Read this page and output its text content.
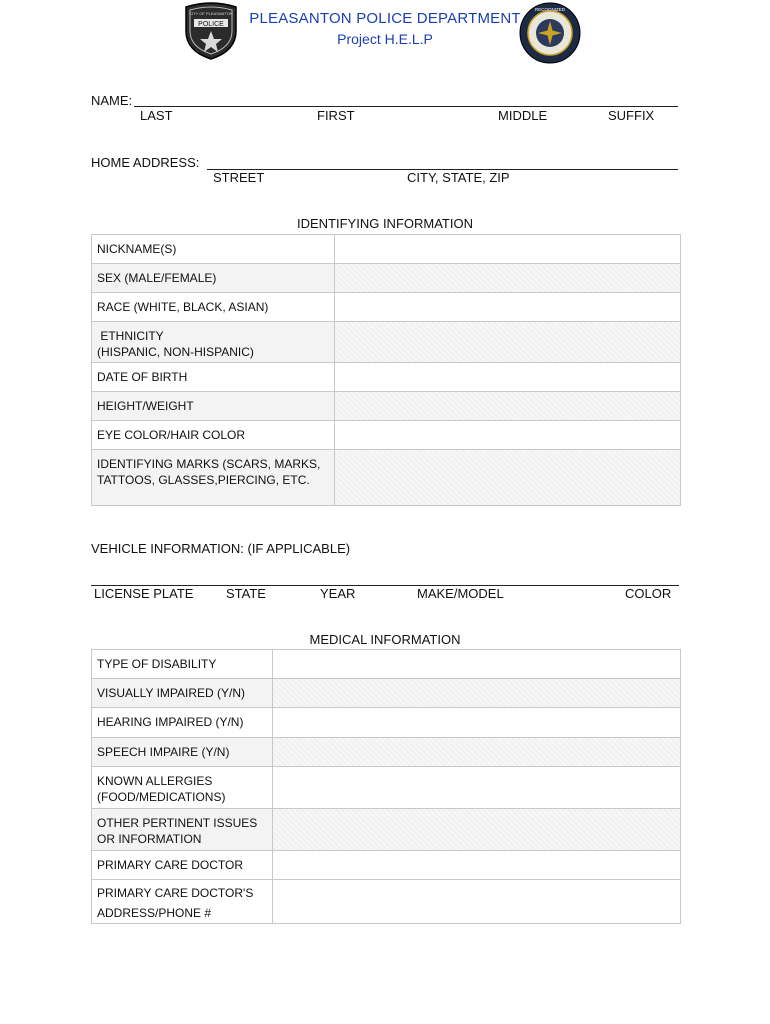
POLICE
CITY OF PLEASANTON	PLEASANTON POLICE DEPARTMENT
Project H.E.L.P
RECOGNIZED
NAME:
LAST	FIRST	MIDDLE	SUFFIX
HOME ADDRESS:
STREET	CITY, STATE, ZIP
IDENTIFYING INFORMATION
NICKNAME(S)	
SEX (MALE/FEMALE)	
RACE (WHITE, BLACK, ASIAN)	
ETHNICITY
(HISPANIC, NON-HISPANIC)	
DATE OF BIRTH	
HEIGHT/WEIGHT	
EYE COLOR/HAIR COLOR	
IDENTIFYING MARKS (SCARS, MARKS,
TATTOOS, GLASSES,PIERCING, ETC.	
VEHICLE INFORMATION: (IF APPLICABLE)
LICENSE PLATE	STATE	YEAR	MAKE/MODEL	COLOR
MEDICAL INFORMATION
TYPE OF DISABILITY	
VISUALLY IMPAIRED (Y/N)	
HEARING IMPAIRED (Y/N)	
SPEECH IMPAIRE (Y/N)	
KNOWN ALLERGIES
(FOOD/MEDICATIONS)	
OTHER PERTINENT ISSUES
OR INFORMATION	
PRIMARY CARE DOCTOR	
PRIMARY CARE DOCTOR'S
ADDRESS/PHONE #	
